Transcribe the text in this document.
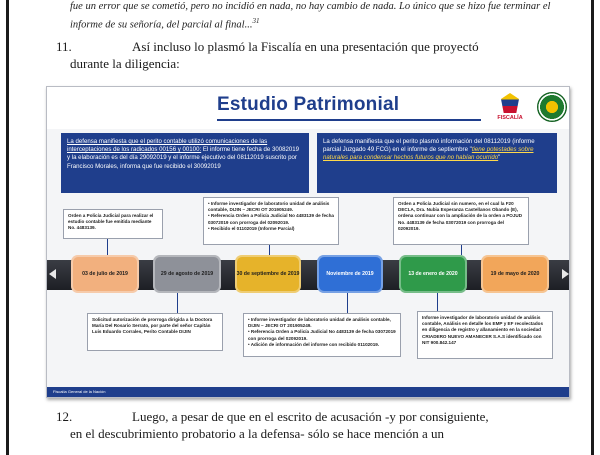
fue un error que se cometió, pero no incidió en nada, no hay cambio de nada. Lo único que se hizo fue terminar el informe de su señoría, del parcial al final...$^{31}$
11.	Así incluso lo plasmó la Fiscalía en una presentación que proyectó
durante la diligencia:
Estudio Patrimonial
FISCALÍA
La defensa manifiesta que el perito contable utilizó comunicaciones de las interceptaciones de los radicados 00156 y 00100: El informe tiene fecha de 30082019 y la elaboración es del día 29092019 y el informe ejecutivo del 08112019 suscrito por Francisco Morales, informa que fue recibido el 30092019
La defensa manifiesta que el perito plasmó información del 08112019 (informe parcial Juzgado 49 FCG) en el informe de septiembre "tiene potestades sobre naturales para condensar hechos futuros que no habían ocurrido"
Orden a Policía Judicial para realizar el estudio contable fue emitida mediante No. 4483139.
• Informe investigador de laboratorio unidad de análisis contable, DIJIN – JECRI OT 201905249.
• Referencia Orden a Policía Judicial No 4483139 de fecha 03072019 con prorroga del 02092019.
• Recibido el 01102019 (Informe Parcial)
Orden a Policía Judicial sin numero, en el cual la F20 DECLA, Dra. Nubia Esperanza Castellanos Obando (E), ordena continuar con la ampliación de la orden a POJUD No. 4483139 de fecha 03072019 con prorroga del 02092019.
03 de julio de 2019	29 de agosto de 2019	30 de septiembre de 2019	Noviembre de 2019	13 de enero de 2020	19 de mayo de 2020
Solicitud autorización de prorroga dirigida a la Doctora María Del Rosario Serrato, por parte del señor Capitán Luis Eduardo Corrales, Perito Contable DIJIN
• Informe investigador de laboratorio unidad de análisis contable, DIJIN – JECRI OT 201905249.
• Referencia Orden a Policía Judicial No 4483139 de fecha 03072019 con prorroga del 02092019.
• Adición de información del informe con recibido 01102019.
Informe investigador de laboratorio unidad de análisis contable, Análisis en detalle los EMP y EF recolectados en diligencia de registro y allanamiento en la sociedad CRIADERO NUEVO AMANECER S.A.S identificado con NIT 900.842.147
Fiscalía General de la Nación
12.	Luego, a pesar de que en el escrito de acusación -y por consiguiente,
en el descubrimiento probatorio a la defensa- sólo se hace mención a un
